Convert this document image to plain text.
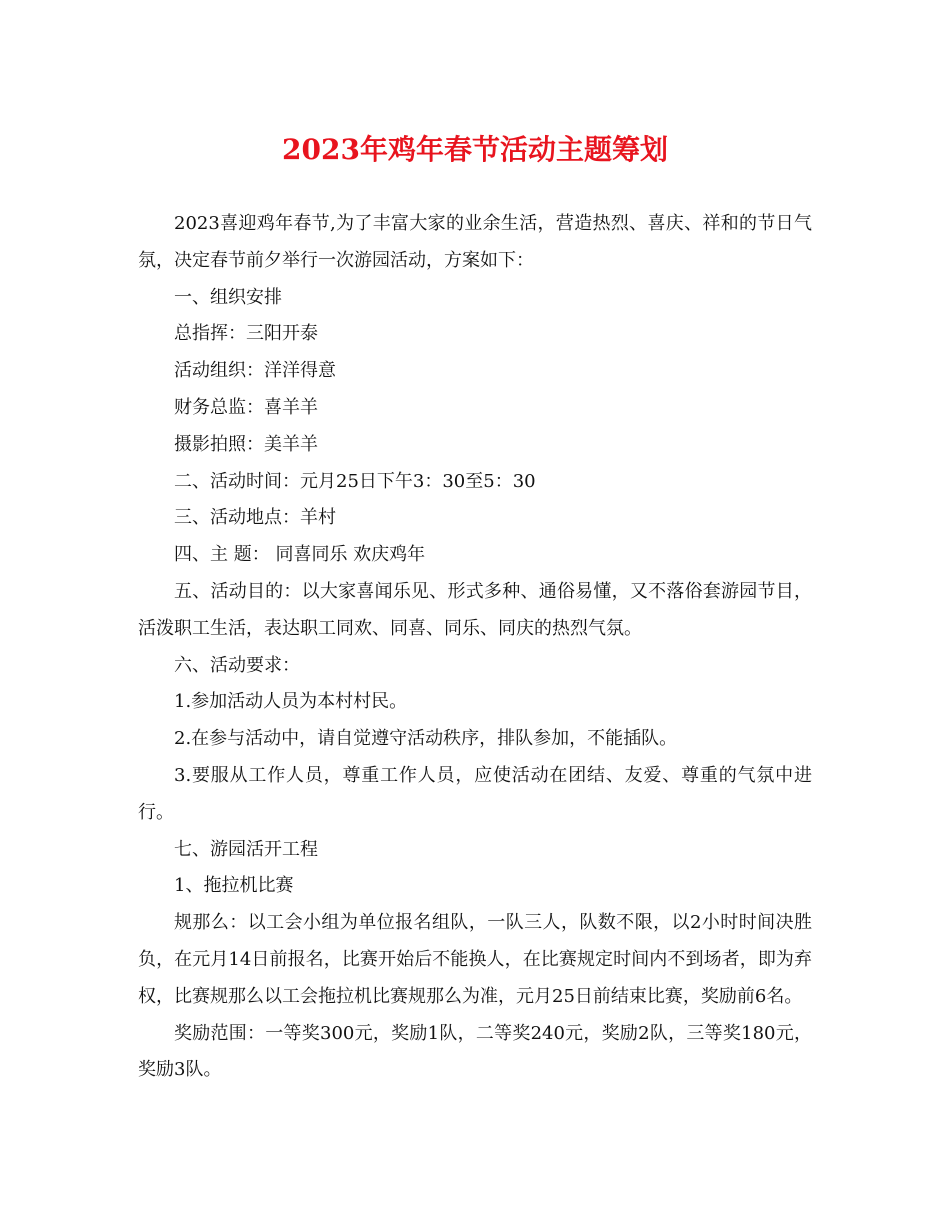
2023年鸡年春节活动主题筹划

2023喜迎鸡年春节,为了丰富大家的业余生活，营造热烈、喜庆、祥和的节日气氛，决定春节前夕举行一次游园活动，方案如下：

一、组织安排

总指挥：三阳开泰

活动组织：洋洋得意

财务总监：喜羊羊

摄影拍照：美羊羊

二、活动时间：元月25日下午3：30至5：30

三、活动地点：羊村

四、主 题： 同喜同乐 欢庆鸡年

五、活动目的：以大家喜闻乐见、形式多种、通俗易懂，又不落俗套游园节目，活泼职工生活，表达职工同欢、同喜、同乐、同庆的热烈气氛。

六、活动要求：

1.参加活动人员为本村村民。

2.在参与活动中，请自觉遵守活动秩序，排队参加，不能插队。

3.要服从工作人员，尊重工作人员，应使活动在团结、友爱、尊重的气氛中进行。

七、游园活开工程

1、拖拉机比赛

规那么：以工会小组为单位报名组队，一队三人，队数不限，以2小时时间决胜负，在元月14日前报名，比赛开始后不能换人，在比赛规定时间内不到场者，即为弃权，比赛规那么以工会拖拉机比赛规那么为准，元月25日前结束比赛，奖励前6名。

奖励范围：一等奖300元，奖励1队，二等奖240元，奖励2队，三等奖180元，奖励3队。
